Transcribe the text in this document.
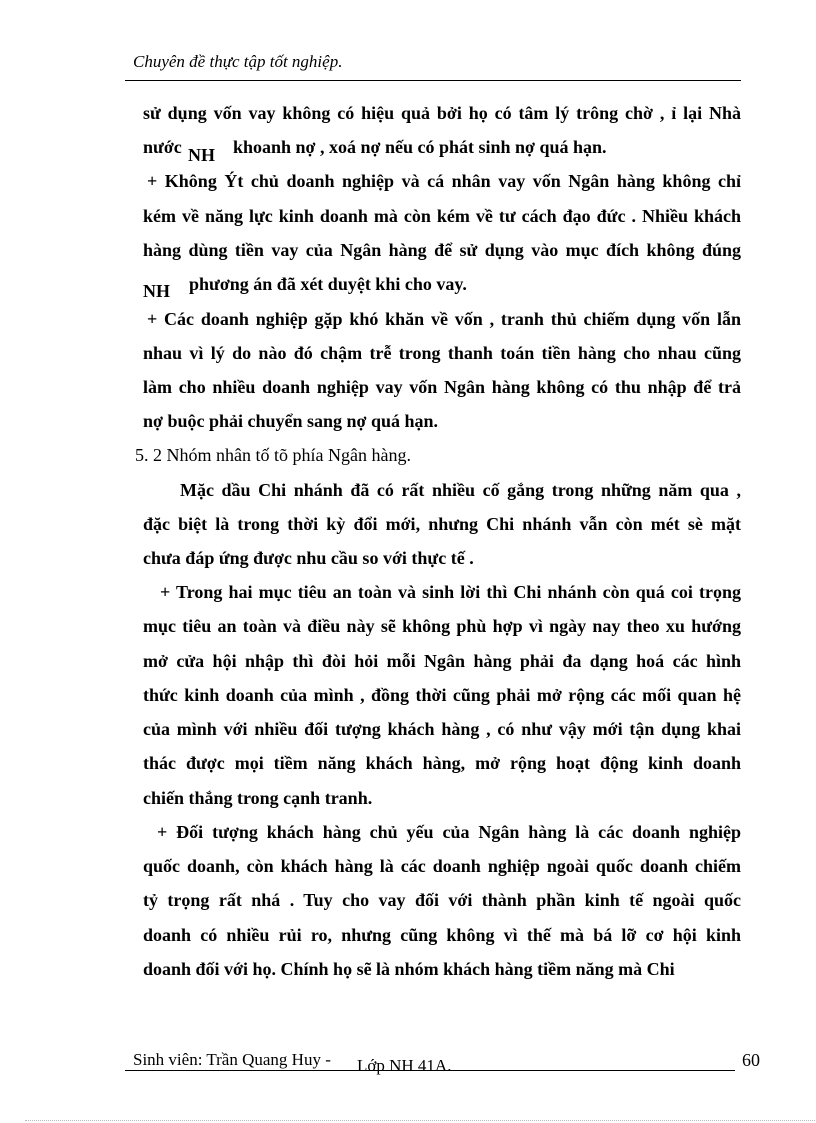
Chuyên đề thực tập tốt nghiệp.
sử dụng vốn vay không có hiệu quả bởi họ có tâm lý trông chờ , ỉ lại Nhà
nước NH khoanh nợ , xoá nợ nếu có phát sinh nợ quá hạn.
+ Không Ýt chủ doanh nghiệp và cá nhân vay vốn Ngân hàng không chỉ
kém về năng lực kinh doanh mà còn kém về tư cách đạo đức . Nhiều khách
hàng dùng tiền vay của Ngân hàng để sử dụng vào mục đích không đúng
NH phương án đã xét duyệt khi cho vay.
+ Các doanh nghiệp gặp khó khăn về vốn , tranh thủ chiếm dụng vốn lẫn
nhau vì lý do nào đó chậm trễ trong thanh toán tiền hàng cho nhau cũng
làm cho nhiều doanh nghiệp vay vốn Ngân hàng không có thu nhập để trả
nợ buộc phải chuyển sang nợ quá hạn.
5. 2 Nhóm nhân tố tõ phía Ngân hàng.
Mặc dầu Chi nhánh đã có rất nhiều cố gắng trong những năm qua ,
đặc biệt là trong thời kỳ đổi mới, nhưng Chi nhánh vẫn còn mét sè mặt
chưa đáp ứng được nhu cầu so với thực tế .
+ Trong hai mục tiêu an toàn và sinh lời thì Chi nhánh còn quá coi trọng
mục tiêu an toàn và điều này sẽ không phù hợp vì ngày nay theo xu hướng
mở cửa hội nhập thì đòi hỏi mỗi Ngân hàng phải đa dạng hoá các hình
thức kinh doanh của mình , đồng thời cũng phải mở rộng các mối quan hệ
của mình với nhiều đối tượng khách hàng , có như vậy mới tận dụng khai
thác được mọi tiềm năng khách hàng, mở rộng hoạt động kinh doanh
chiến thắng trong cạnh tranh.
+ Đối tượng khách hàng chủ yếu của Ngân hàng là các doanh nghiệp
quốc doanh, còn khách hàng là các doanh nghiệp ngoài quốc doanh chiếm
tỷ trọng rất nhá . Tuy cho vay đối với thành phần kinh tế ngoài quốc
doanh có nhiều rủi ro, nhưng cũng không vì thế mà bá lỡ cơ hội kinh
doanh đối với họ. Chính họ sẽ là nhóm khách hàng tiềm năng mà Chi
Sinh viên: Trần Quang Huy - Lớp NH 41A.	60
